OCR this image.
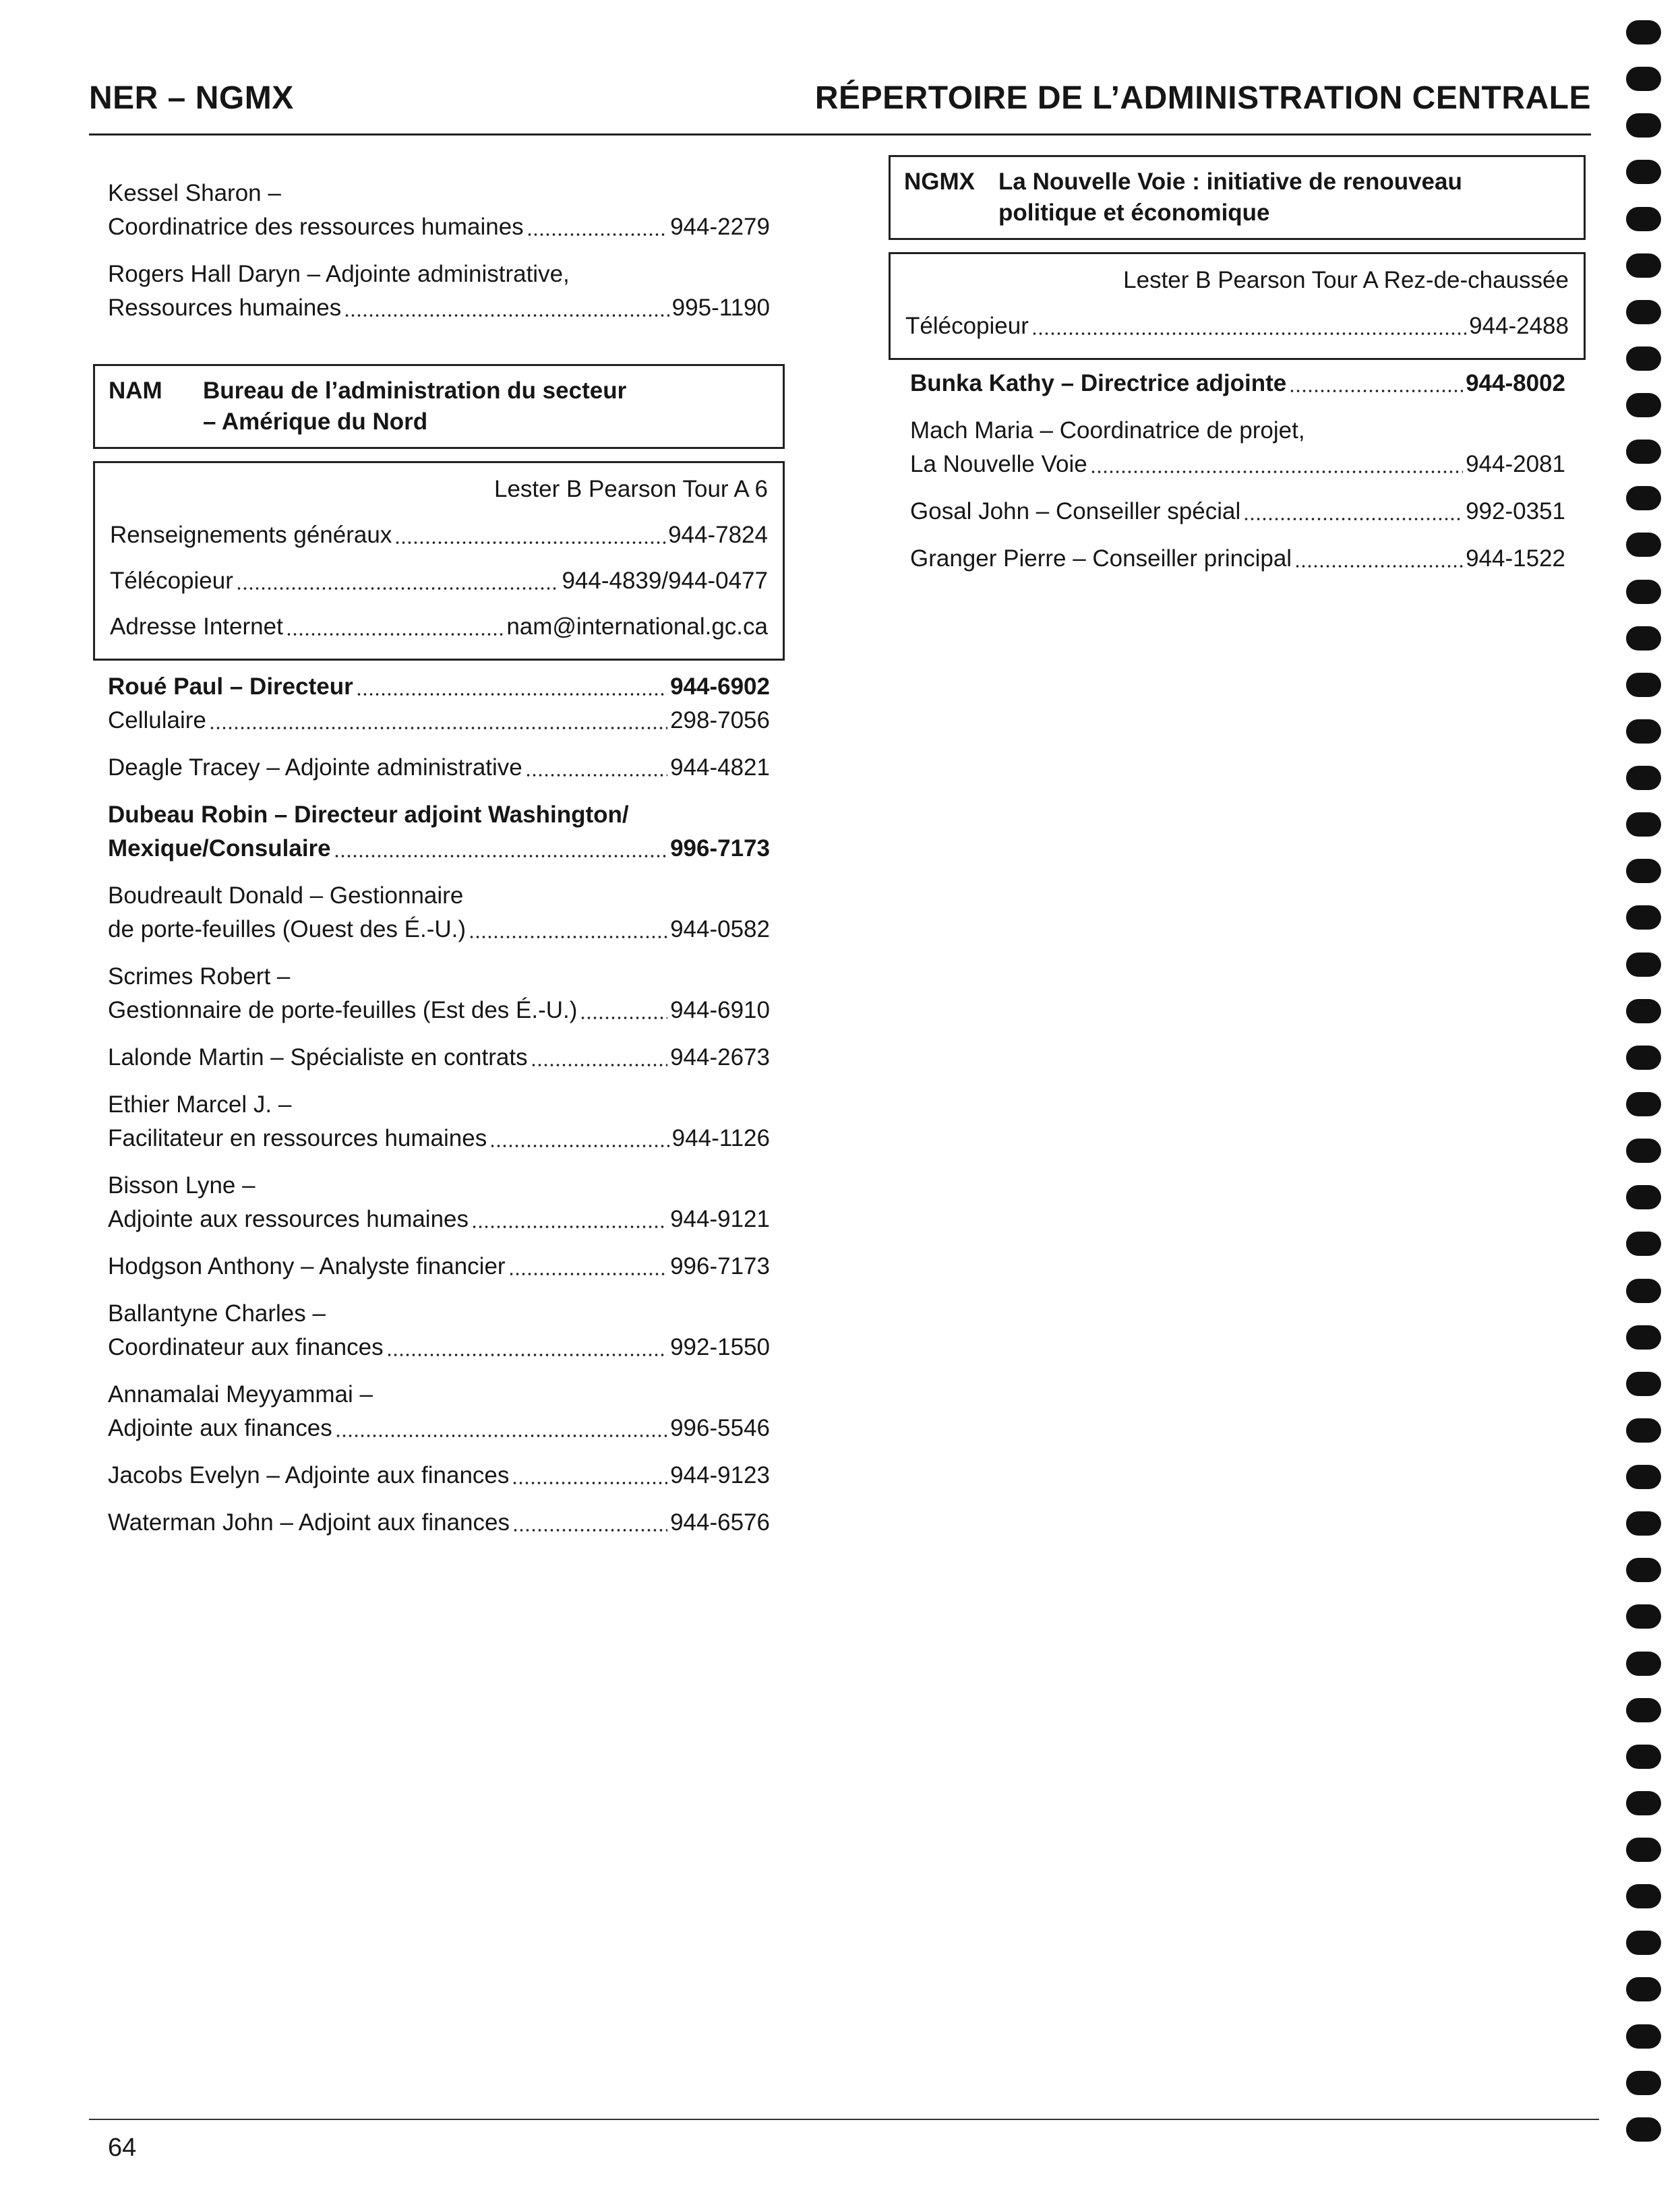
NER – NGMX	RÉPERTOIRE DE L’ADMINISTRATION CENTRALE
Kessel Sharon –
Coordinatrice des ressources humaines	944-2279
Rogers Hall Daryn – Adjointe administrative,
Ressources humaines	995-1190
NAM	Bureau de l’administration du secteur
– Amérique du Nord
Lester B Pearson Tour A 6
Renseignements généraux	944-7824
Télécopieur	944-4839/944-0477
Adresse Internet	nam@international.gc.ca
Roué Paul – Directeur	944-6902
Cellulaire	298-7056
Deagle Tracey – Adjointe administrative	944-4821
Dubeau Robin – Directeur adjoint Washington/
Mexique/Consulaire	996-7173
Boudreault Donald – Gestionnaire
de porte-feuilles (Ouest des É.-U.)	944-0582
Scrimes Robert –
Gestionnaire de porte-feuilles (Est des É.-U.)	944-6910
Lalonde Martin – Spécialiste en contrats	944-2673
Ethier Marcel J. –
Facilitateur en ressources humaines	944-1126
Bisson Lyne –
Adjointe aux ressources humaines	944-9121
Hodgson Anthony – Analyste financier	996-7173
Ballantyne Charles –
Coordinateur aux finances	992-1550
Annamalai Meyyammai –
Adjointe aux finances	996-5546
Jacobs Evelyn – Adjointe aux finances	944-9123
Waterman John – Adjoint aux finances	944-6576
NGMX	La Nouvelle Voie : initiative de renouveau
politique et économique
Lester B Pearson Tour A Rez-de-chaussée
Télécopieur	944-2488
Bunka Kathy – Directrice adjointe	944-8002
Mach Maria – Coordinatrice de projet,
La Nouvelle Voie	944-2081
Gosal John – Conseiller spécial	992-0351
Granger Pierre – Conseiller principal	944-1522
64
